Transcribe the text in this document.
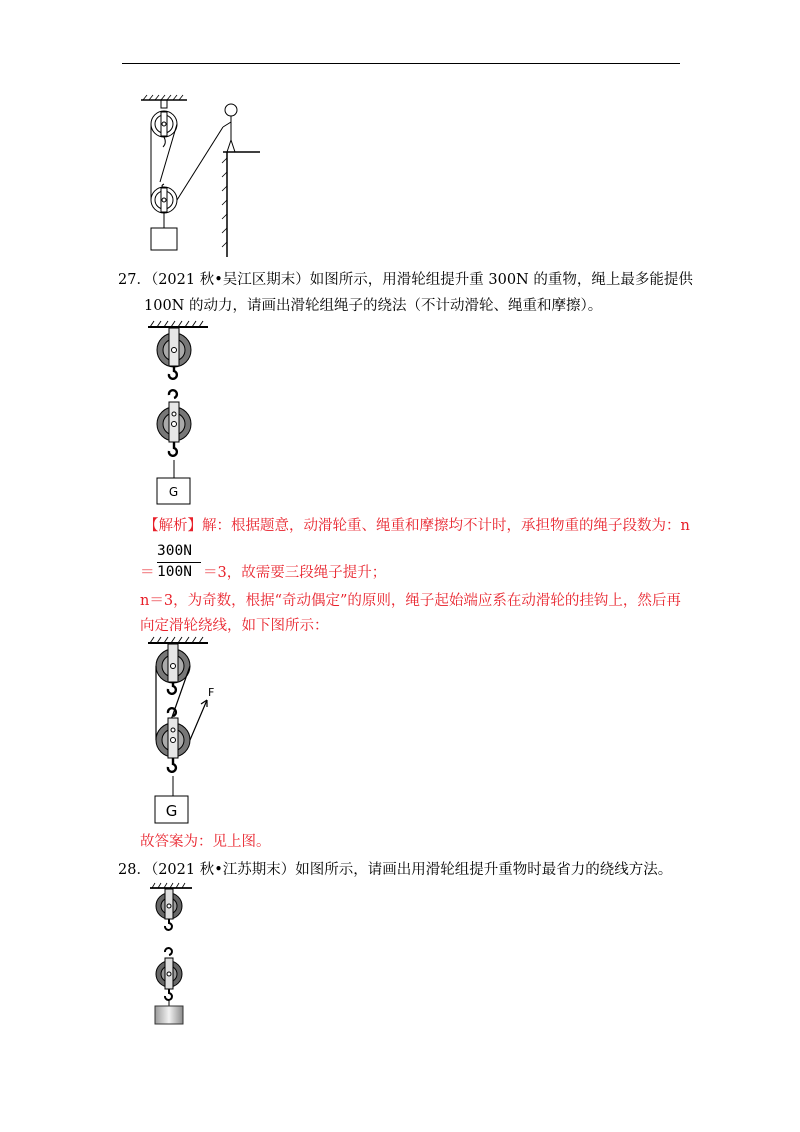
27．（2021 秋•吴江区期末）如图所示，用滑轮组提升重 300N 的重物，绳上最多能提供
100N 的动力，请画出滑轮组绳子的绕法（不计动滑轮、绳重和摩擦）。
G
【解析】解：根据题意，动滑轮重、绳重和摩擦均不计时，承担物重的绳子段数为：n
300N
100N
＝	＝3，故需要三段绳子提升；
n＝3，为奇数，根据“奇动偶定”的原则，绳子起始端应系在动滑轮的挂钩上，然后再
向定滑轮绕线，如下图所示：
F
G
故答案为：见上图。
28．（2021 秋•江苏期末）如图所示，请画出用滑轮组提升重物时最省力的绕线方法。
